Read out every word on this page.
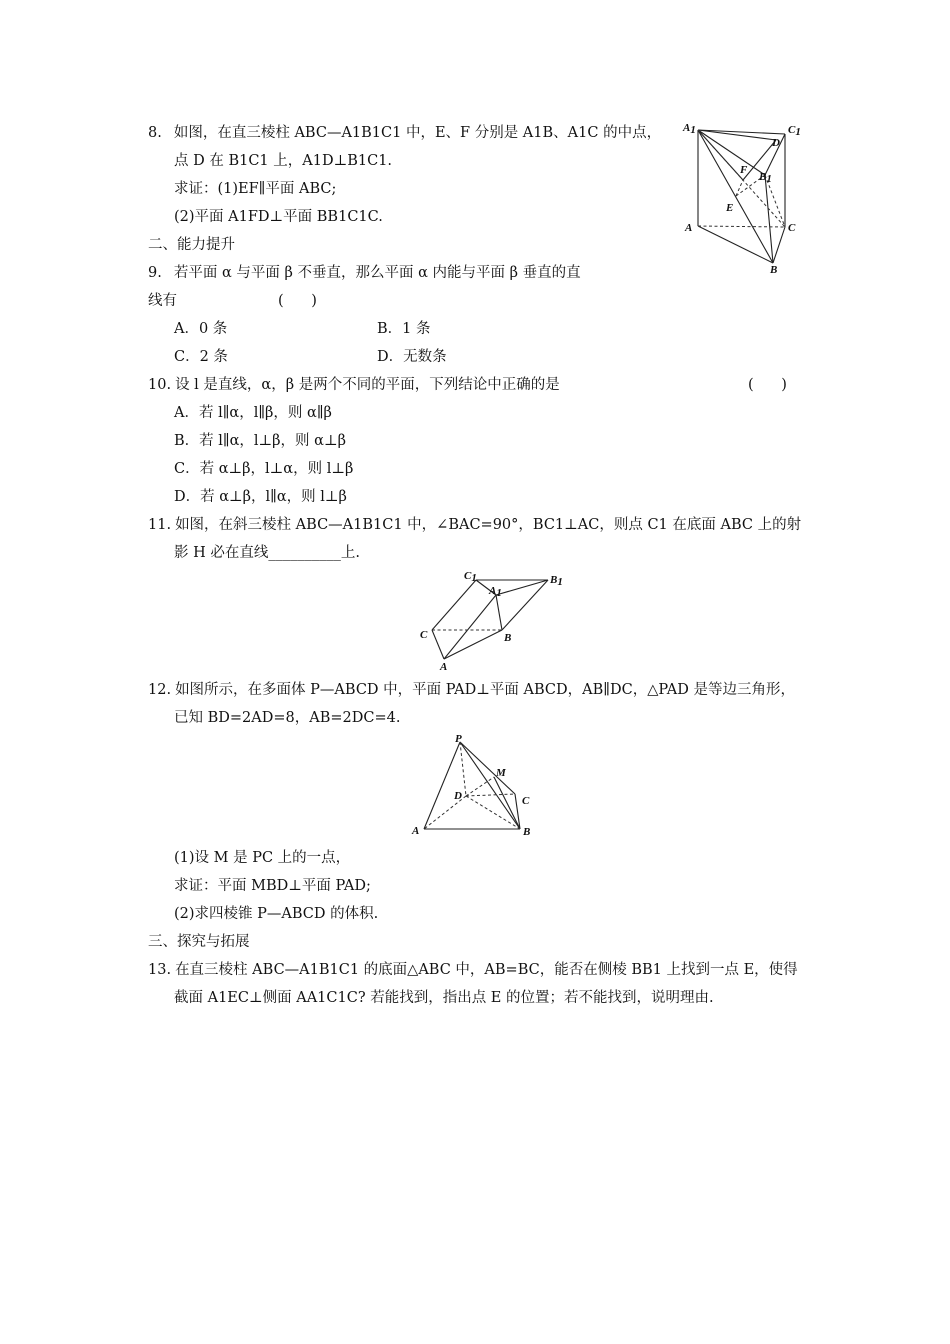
8. 如图，在直三棱柱 ABC—A1B1C1 中，E、F 分别是 A1B、A1C 的中点，
点 D 在 B1C1 上，A1D⊥B1C1.
求证：(1)EF∥平面 ABC;
(2)平面 A1FD⊥平面 BB1C1C.
A1	C1
D
F
B1
E
A	C
B
二、能力提升
9. 若平面 α 与平面 β 不垂直，那么平面 α 内能与平面 β 垂直的直
线有	(      )
A．0 条	B．1 条
C．2 条	D．无数条
10. 设 l 是直线，α，β 是两个不同的平面，下列结论中正确的是	(      )
A．若 l∥α，l∥β，则 α∥β
B．若 l∥α，l⊥β，则 α⊥β
C．若 α⊥β，l⊥α，则 l⊥β
D．若 α⊥β，l∥α，则 l⊥β
11. 如图，在斜三棱柱 ABC—A1B1C1 中，∠BAC=90°，BC1⊥AC，则点 C1 在底面 ABC 上的射
影 H 必在直线__________上.
C1
A1
B1
C	B
A
12. 如图所示，在多面体 P—ABCD 中，平面 PAD⊥平面 ABCD，AB∥DC，△PAD 是等边三角形，
已知 BD=2AD=8，AB=2DC=4.
P
M
D	C
A	B
(1)设 M 是 PC 上的一点，
求证：平面 MBD⊥平面 PAD;
(2)求四棱锥 P—ABCD 的体积.
三、探究与拓展
13. 在直三棱柱 ABC—A1B1C1 的底面△ABC 中，AB=BC，能否在侧棱 BB1 上找到一点 E，使得
截面 A1EC⊥侧面 AA1C1C? 若能找到，指出点 E 的位置；若不能找到，说明理由.
